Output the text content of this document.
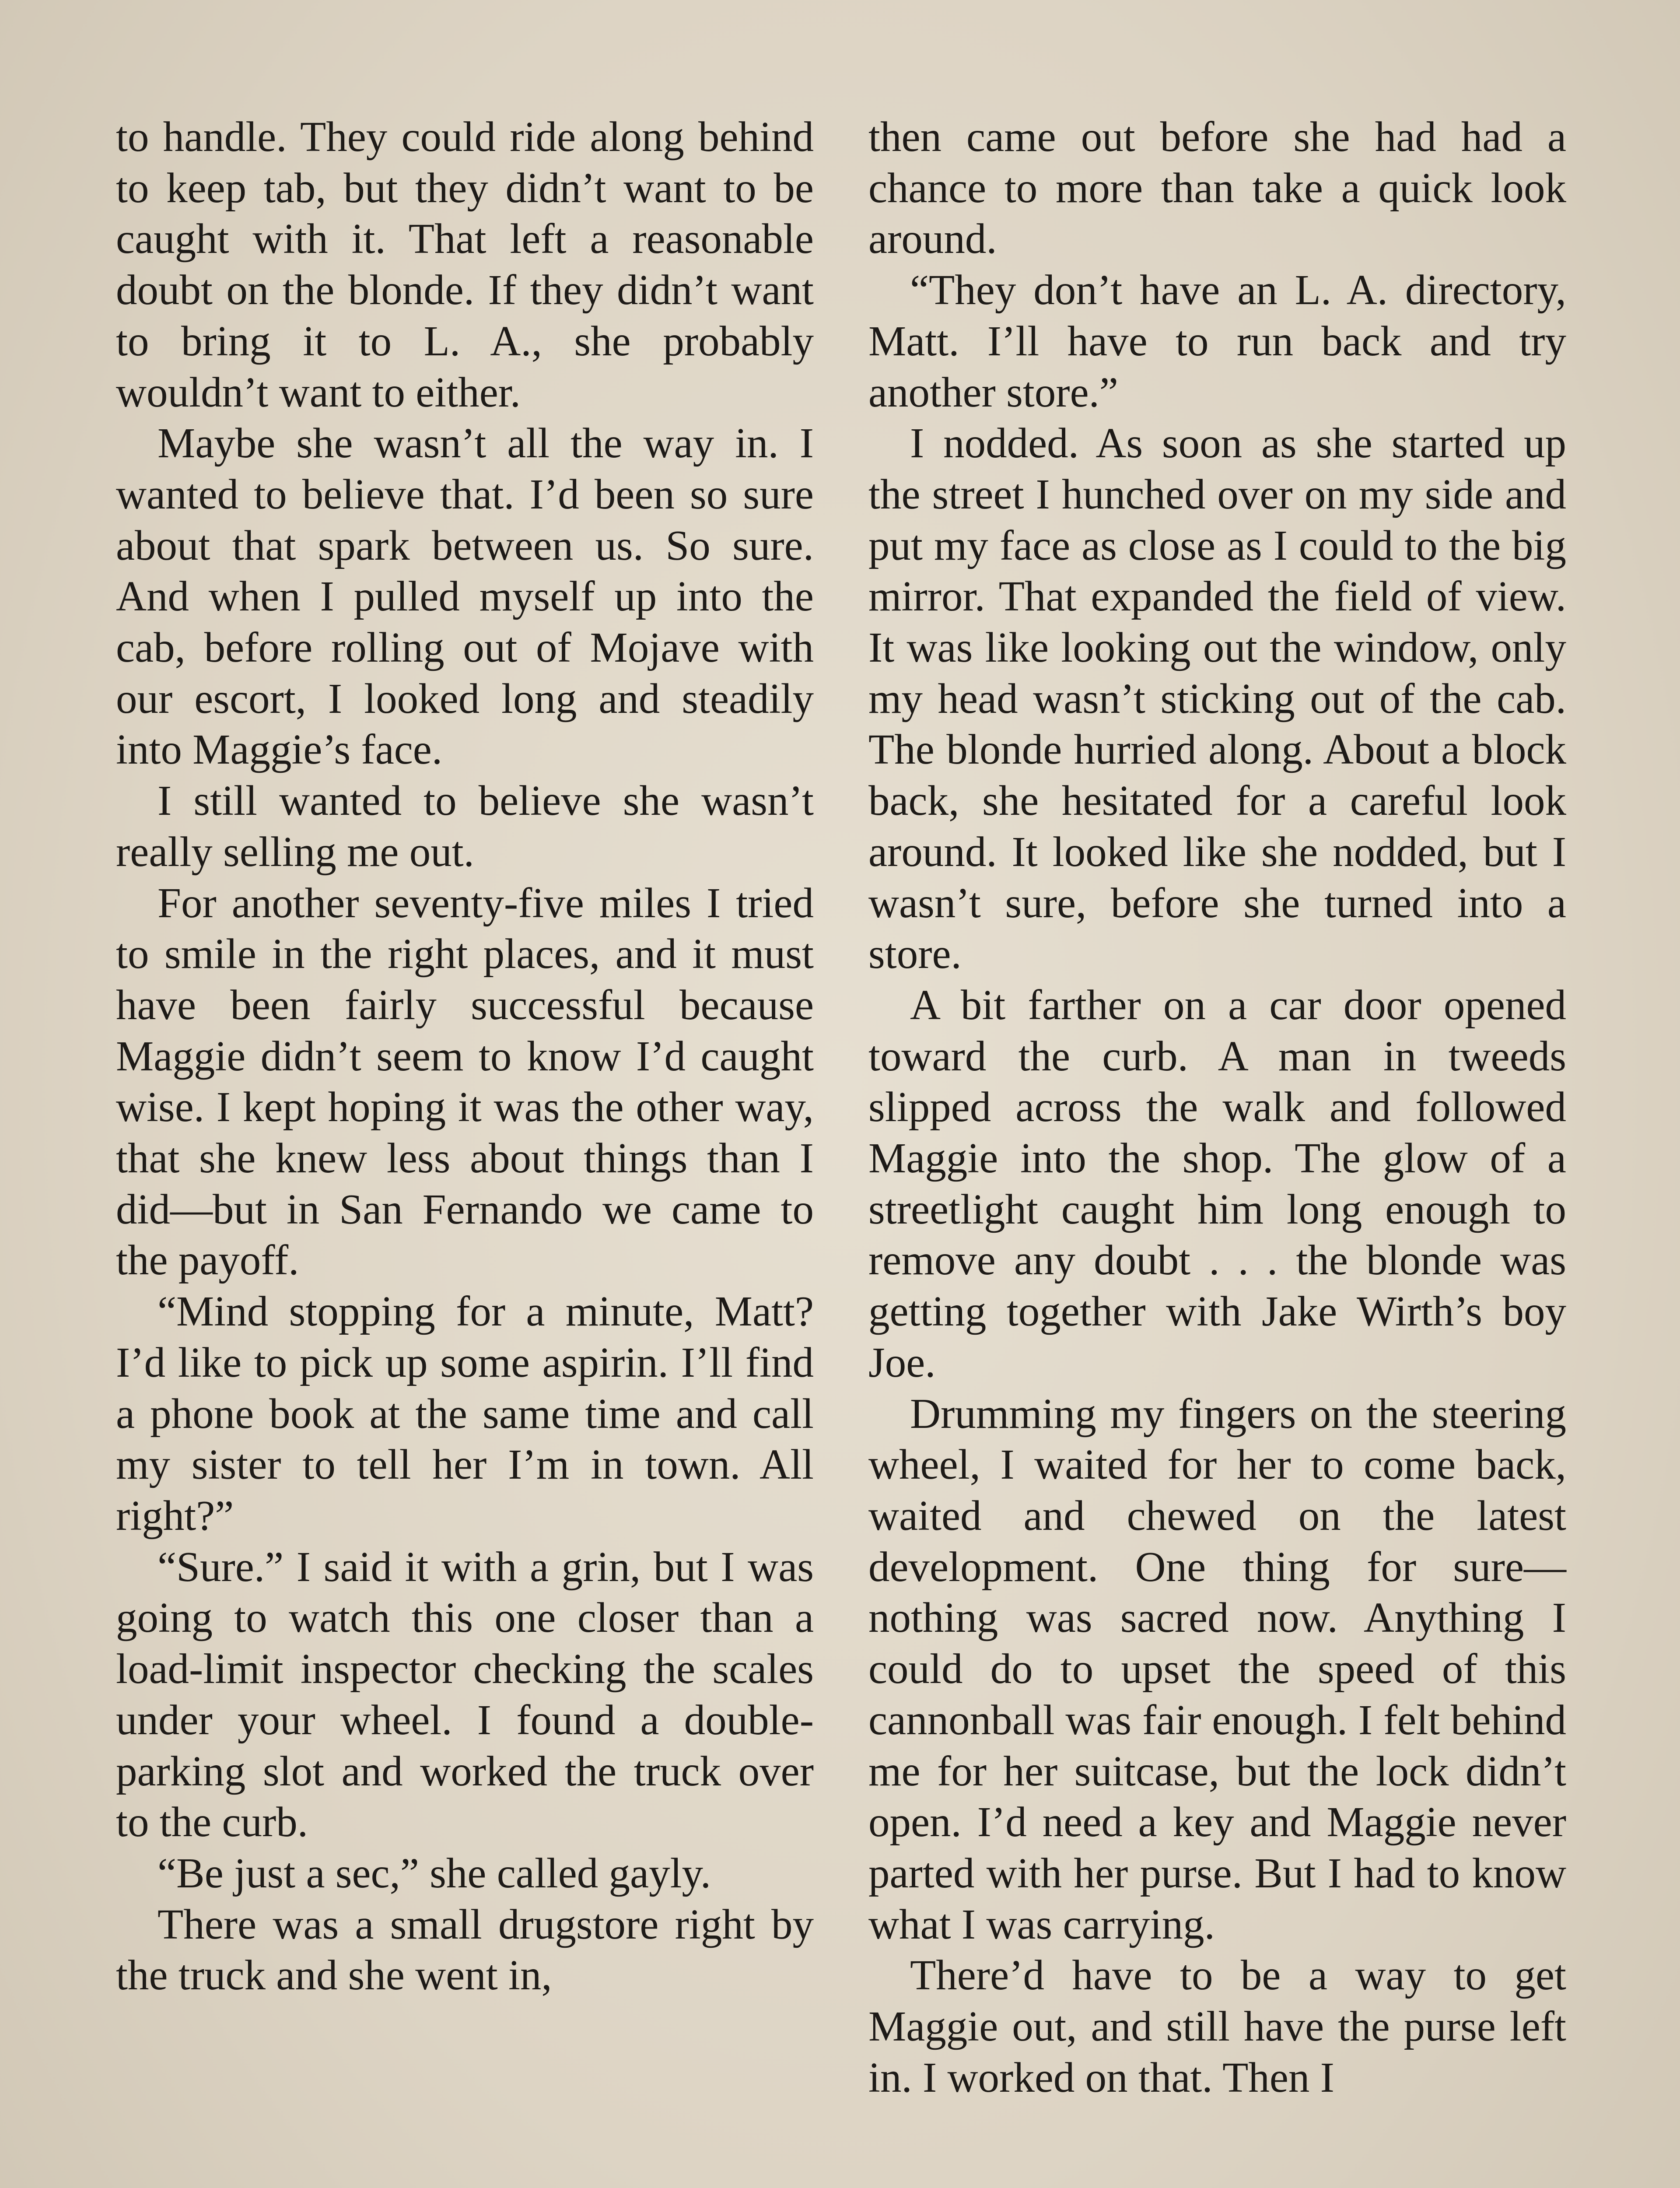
to handle. They could ride along behind to keep tab, but they didn’t want to be caught with it. That left a reasonable doubt on the blonde. If they didn’t want to bring it to L. A., she probably wouldn’t want to either.

Maybe she wasn’t all the way in. I wanted to believe that. I’d been so sure about that spark between us. So sure. And when I pulled myself up into the cab, before rolling out of Mojave with our escort, I looked long and steadily into Maggie’s face.

I still wanted to believe she wasn’t really selling me out.

For another seventy-five miles I tried to smile in the right places, and it must have been fairly successful because Maggie didn’t seem to know I’d caught wise. I kept hoping it was the other way, that she knew less about things than I did—but in San Fernando we came to the payoff.

“Mind stopping for a minute, Matt? I’d like to pick up some aspirin. I’ll find a phone book at the same time and call my sister to tell her I’m in town. All right?”

“Sure.” I said it with a grin, but I was going to watch this one closer than a load-limit inspector checking the scales under your wheel. I found a double-parking slot and worked the truck over to the curb.

“Be just a sec,” she called gayly.

There was a small drugstore right by the truck and she went in,

then came out before she had had a chance to more than take a quick look around.

“They don’t have an L. A. directory, Matt. I’ll have to run back and try another store.”

I nodded. As soon as she started up the street I hunched over on my side and put my face as close as I could to the big mirror. That expanded the field of view. It was like looking out the window, only my head wasn’t sticking out of the cab. The blonde hurried along. About a block back, she hesitated for a careful look around. It looked like she nodded, but I wasn’t sure, before she turned into a store.

A bit farther on a car door opened toward the curb. A man in tweeds slipped across the walk and followed Maggie into the shop. The glow of a streetlight caught him long enough to remove any doubt . . . the blonde was getting together with Jake Wirth’s boy Joe.

Drumming my fingers on the steering wheel, I waited for her to come back, waited and chewed on the latest development. One thing for sure—nothing was sacred now. Anything I could do to upset the speed of this cannonball was fair enough. I felt behind me for her suitcase, but the lock didn’t open. I’d need a key and Maggie never parted with her purse. But I had to know what I was carrying.

There’d have to be a way to get Maggie out, and still have the purse left in. I worked on that. Then I
